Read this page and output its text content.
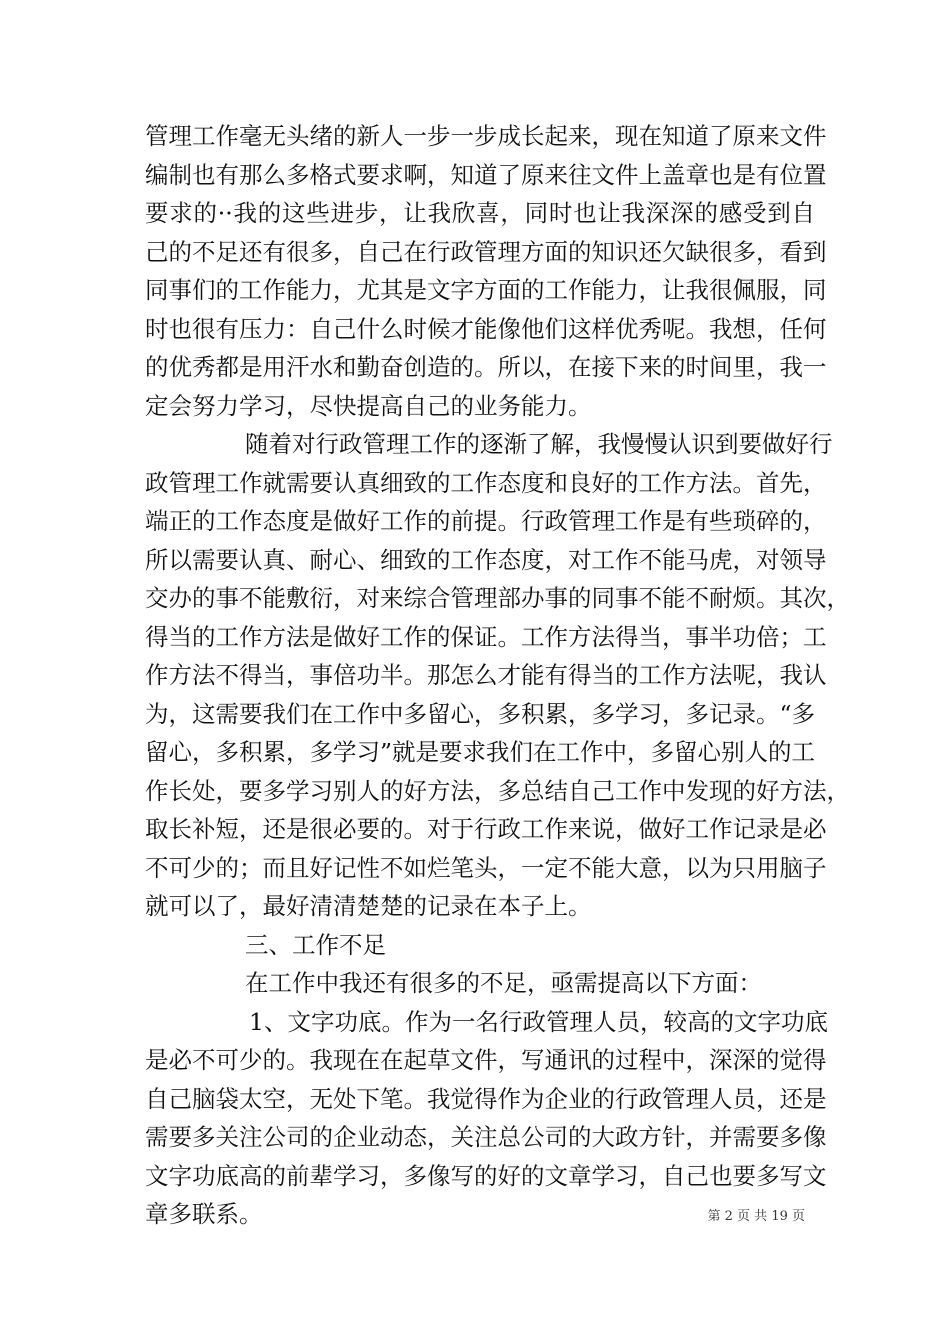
管理工作毫无头绪的新人一步一步成长起来，现在知道了原来文件
编制也有那么多格式要求啊，知道了原来往文件上盖章也是有位置
要求的··我的这些进步，让我欣喜，同时也让我深深的感受到自
己的不足还有很多，自己在行政管理方面的知识还欠缺很多，看到
同事们的工作能力，尤其是文字方面的工作能力，让我很佩服，同
时也很有压力：自己什么时候才能像他们这样优秀呢。我想，任何
的优秀都是用汗水和勤奋创造的。所以，在接下来的时间里，我一
定会努力学习，尽快提高自己的业务能力。
随着对行政管理工作的逐渐了解，我慢慢认识到要做好行
政管理工作就需要认真细致的工作态度和良好的工作方法。首先，
端正的工作态度是做好工作的前提。行政管理工作是有些琐碎的，
所以需要认真、耐心、细致的工作态度，对工作不能马虎，对领导
交办的事不能敷衍，对来综合管理部办事的同事不能不耐烦。其次，
得当的工作方法是做好工作的保证。工作方法得当，事半功倍；工
作方法不得当，事倍功半。那怎么才能有得当的工作方法呢，我认
为，这需要我们在工作中多留心，多积累，多学习，多记录。“多
留心，多积累，多学习”就是要求我们在工作中，多留心别人的工
作长处，要多学习别人的好方法，多总结自己工作中发现的好方法，
取长补短，还是很必要的。对于行政工作来说，做好工作记录是必
不可少的；而且好记性不如烂笔头，一定不能大意，以为只用脑子
就可以了，最好清清楚楚的记录在本子上。
三、工作不足
在工作中我还有很多的不足，亟需提高以下方面：
1、文字功底。作为一名行政管理人员，较高的文字功底
是必不可少的。我现在在起草文件，写通讯的过程中，深深的觉得
自己脑袋太空，无处下笔。我觉得作为企业的行政管理人员，还是
需要多关注公司的企业动态，关注总公司的大政方针，并需要多像
文字功底高的前辈学习，多像写的好的文章学习，自己也要多写文
章多联系。	第 2 页 共 19 页
